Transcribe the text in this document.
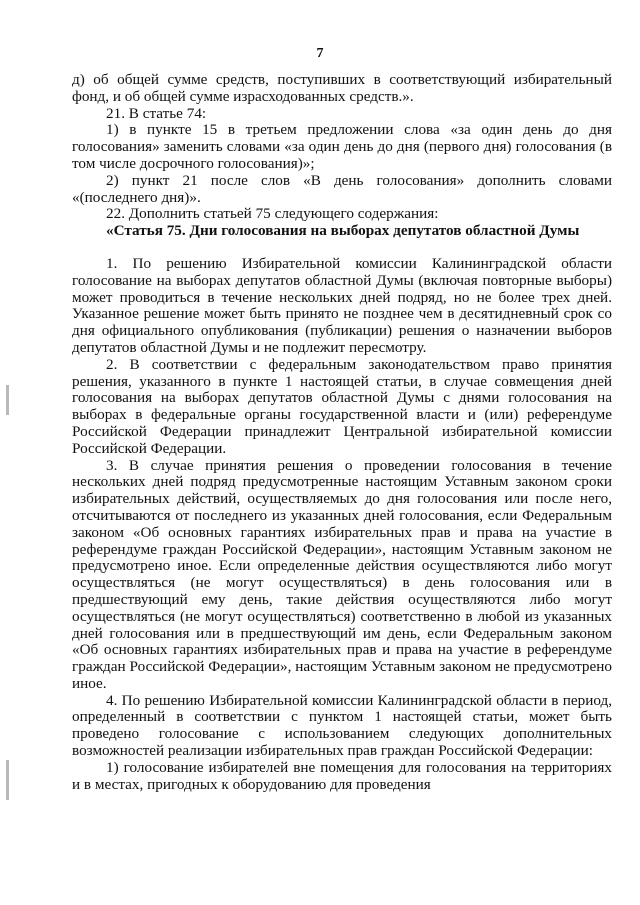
7

д) об общей сумме средств, поступивших в соответствующий избирательный фонд, и об общей сумме израсходованных средств.».

21. В статье 74:

1) в пункте 15 в третьем предложении слова «за один день до дня голосования» заменить словами «за один день до дня (первого дня) голосования (в том числе досрочного голосования)»;

2) пункт 21 после слов «В день голосования» дополнить словами «(последнего дня)».

22. Дополнить статьей 75 следующего содержания:

«Статья 75. Дни голосования на выборах депутатов областной Думы

1. По решению Избирательной комиссии Калининградской области голосование на выборах депутатов областной Думы (включая повторные выборы) может проводиться в течение нескольких дней подряд, но не более трех дней. Указанное решение может быть принято не позднее чем в десятидневный срок со дня официального опубликования (публикации) решения о назначении выборов депутатов областной Думы и не подлежит пересмотру.

2. В соответствии с федеральным законодательством право принятия решения, указанного в пункте 1 настоящей статьи, в случае совмещения дней голосования на выборах депутатов областной Думы с днями голосования на выборах в федеральные органы государственной власти и (или) референдуме Российской Федерации принадлежит Центральной избирательной комиссии Российской Федерации.

3. В случае принятия решения о проведении голосования в течение нескольких дней подряд предусмотренные настоящим Уставным законом сроки избирательных действий, осуществляемых до дня голосования или после него, отсчитываются от последнего из указанных дней голосования, если Федеральным законом «Об основных гарантиях избирательных прав и права на участие в референдуме граждан Российской Федерации», настоящим Уставным законом не предусмотрено иное. Если определенные действия осуществляются либо могут осуществляться (не могут осуществляться) в день голосования или в предшествующий ему день, такие действия осуществляются либо могут осуществляться (не могут осуществляться) соответственно в любой из указанных дней голосования или в предшествующий им день, если Федеральным законом «Об основных гарантиях избирательных прав и права на участие в референдуме граждан Российской Федерации», настоящим Уставным законом не предусмотрено иное.

4. По решению Избирательной комиссии Калининградской области в период, определенный в соответствии с пунктом 1 настоящей статьи, может быть проведено голосование с использованием следующих дополнительных возможностей реализации избирательных прав граждан Российской Федерации:

1) голосование избирателей вне помещения для голосования на территориях и в местах, пригодных к оборудованию для проведения
